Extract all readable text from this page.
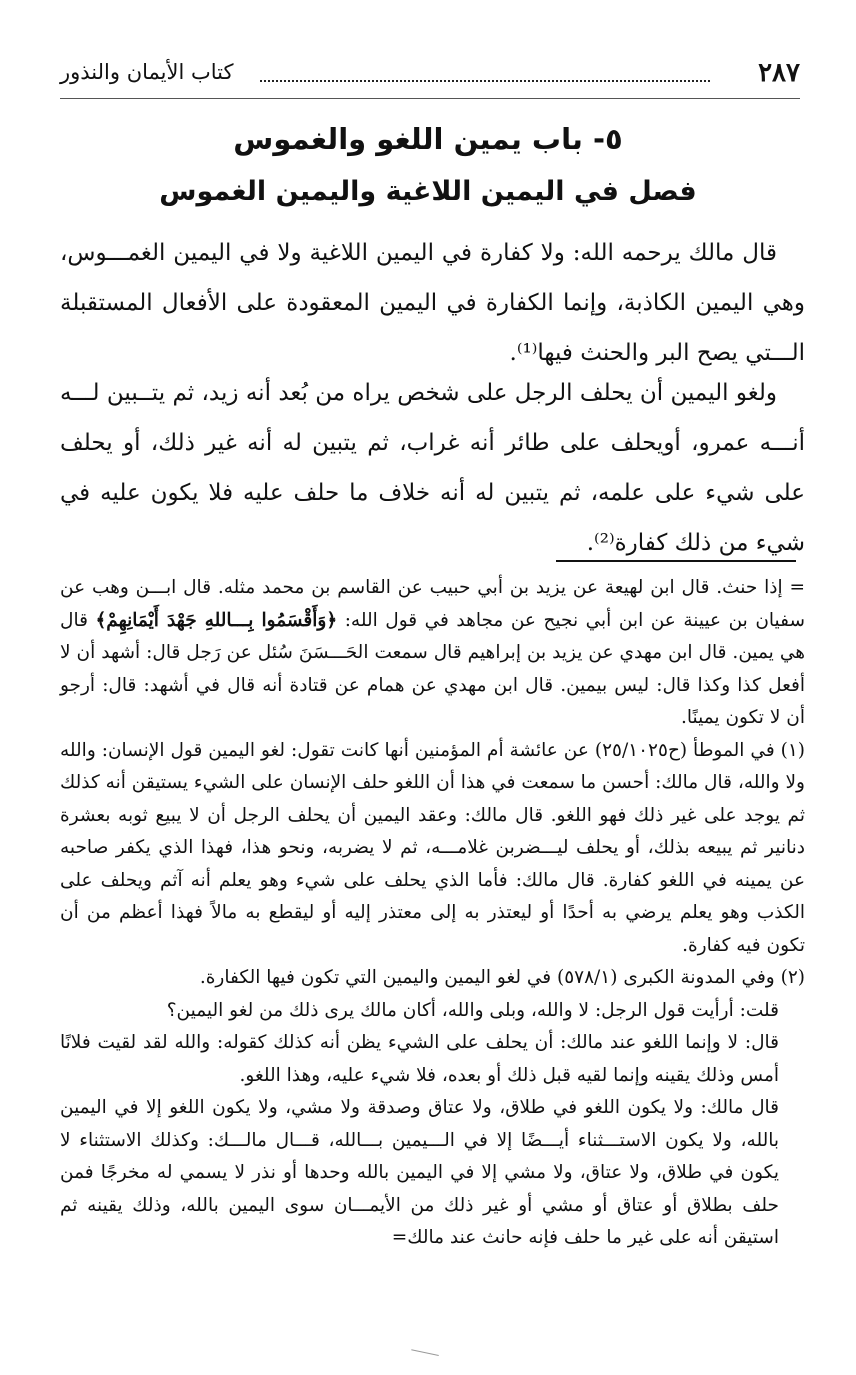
٢٨٧
كتاب الأيمان والنذور
٥- باب يمين اللغو والغموس
فصل في اليمين اللاغية واليمين الغموس

قال مالك يرحمه الله: ولا كفارة في اليمين اللاغية ولا في اليمين الغمـــوس، وهي اليمين الكاذبة، وإنما الكفارة في اليمين المعقودة على الأفعال المستقبلة الـــتي يصح البر والحنث فيها⁽¹⁾.

ولغو اليمين أن يحلف الرجل على شخص يراه من بُعد أنه زيد، ثم يتــبين لـــه أنـــه عمرو، أويحلف على طائر أنه غراب، ثم يتبين له أنه غير ذلك، أو يحلف على شيء على علمه، ثم يتبين له أنه خلاف ما حلف عليه فلا يكون عليه في شيء من ذلك كفارة⁽²⁾.

= إذا حنث. قال ابن لهيعة عن يزيد بن أبي حبيب عن القاسم بن محمد مثله. قال ابـــن وهب عن سفيان بن عيينة عن ابن أبي نجيح عن مجاهد في قول الله: ﴿وَأَقْسَمُوا بِـــاللهِ جَهْدَ أَيْمَانِهِمْ﴾ قال هي يمين. قال ابن مهدي عن يزيد بن إبراهيم قال سمعت الحَـــسَنَ سُئل عن رَجل قال: أشهد أن لا أفعل كذا وكذا قال: ليس بيمين. قال ابن مهدي عن همام عن قتادة أنه قال في أشهد: قال: أرجو أن لا تكون يمينًا.

(١) في الموطأ (ح٢٥/١٠٢٥) عن عائشة أم المؤمنين أنها كانت تقول: لغو اليمين قول الإنسان: والله ولا والله، قال مالك: أحسن ما سمعت في هذا أن اللغو حلف الإنسان على الشيء يستيقن أنه كذلك ثم يوجد على غير ذلك فهو اللغو. قال مالك: وعقد اليمين أن يحلف الرجل أن لا يبيع ثوبه بعشرة دنانير ثم يبيعه بذلك، أو يحلف ليـــضربن غلامـــه، ثم لا يضربه، ونحو هذا، فهذا الذي يكفر صاحبه عن يمينه في اللغو كفارة. قال مالك: فأما الذي يحلف على شيء وهو يعلم أنه آثم ويحلف على الكذب وهو يعلم يرضي به أحدًا أو ليعتذر به إلى معتذر إليه أو ليقطع به مالاً فهذا أعظم من أن تكون فيه كفارة.

(٢) وفي المدونة الكبرى (٥٧٨/١) في لغو اليمين واليمين التي تكون فيها الكفارة.

قلت: أرأيت قول الرجل: لا والله، وبلى والله، أكان مالك يرى ذلك من لغو اليمين؟

قال: لا وإنما اللغو عند مالك: أن يحلف على الشيء يظن أنه كذلك كقوله: والله لقد لقيت فلانًا أمس وذلك يقينه وإنما لقيه قبل ذلك أو بعده، فلا شيء عليه، وهذا اللغو.

قال مالك: ولا يكون اللغو في طلاق، ولا عتاق وصدقة ولا مشي، ولا يكون اللغو إلا في اليمين بالله، ولا يكون الاستـــثناء أيـــضًا إلا في الـــيمين بـــالله، قـــال مالـــك: وكذلك الاستثناء لا يكون في طلاق، ولا عتاق، ولا مشي إلا في اليمين بالله وحدها أو نذر لا يسمي له مخرجًا فمن حلف بطلاق أو عتاق أو مشي أو غير ذلك من الأيمـــان سوى اليمين بالله، وذلك يقينه ثم استيقن أنه على غير ما حلف فإنه حانث عند مالك=
